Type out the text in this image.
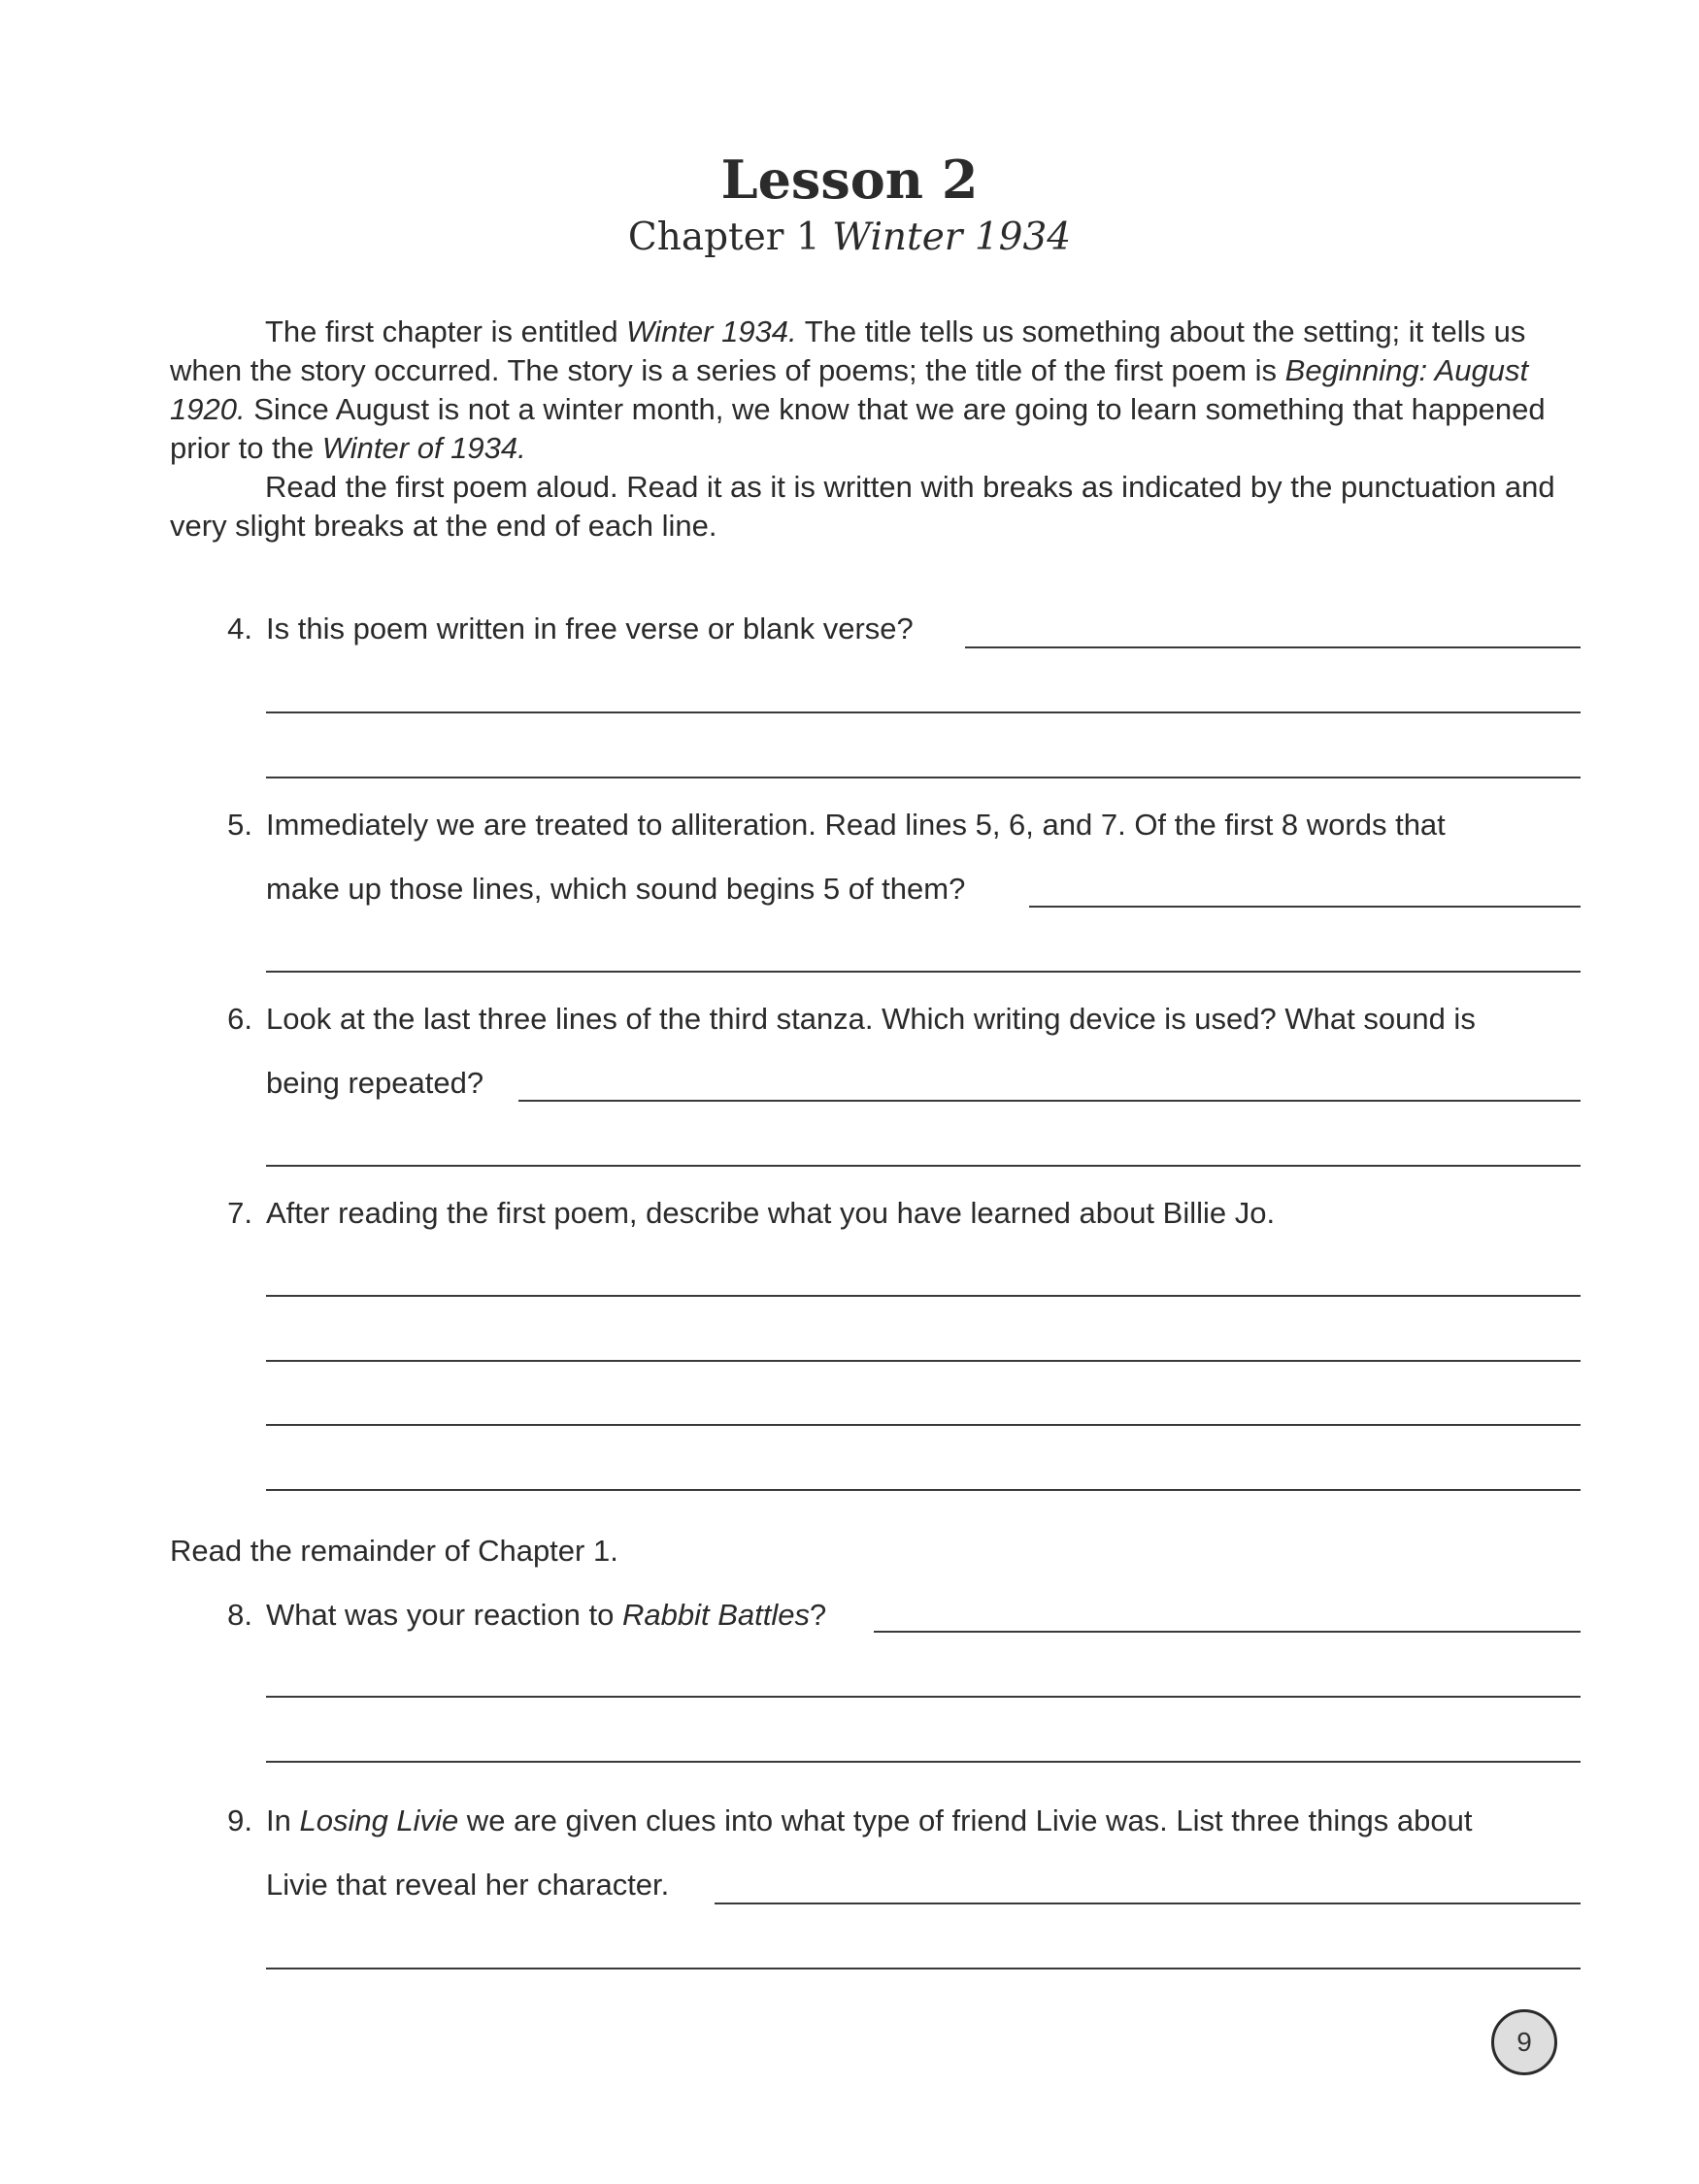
Lesson 2
Chapter 1 Winter 1934
The first chapter is entitled Winter 1934. The title tells us something about the setting; it tells us when the story occurred. The story is a series of poems; the title of the first poem is Beginning: August 1920. Since August is not a winter month, we know that we are going to learn something that happened prior to the Winter of 1934.
Read the first poem aloud. Read it as it is written with breaks as indicated by the punctuation and very slight breaks at the end of each line.
4. Is this poem written in free verse or blank verse?
5. Immediately we are treated to alliteration. Read lines 5, 6, and 7. Of the first 8 words that
make up those lines, which sound begins 5 of them?
6. Look at the last three lines of the third stanza. Which writing device is used? What sound is
being repeated?
7. After reading the first poem, describe what you have learned about Billie Jo.
Read the remainder of Chapter 1.
8. What was your reaction to Rabbit Battles?
9. In Losing Livie we are given clues into what type of friend Livie was. List three things about
Livie that reveal her character.
9
